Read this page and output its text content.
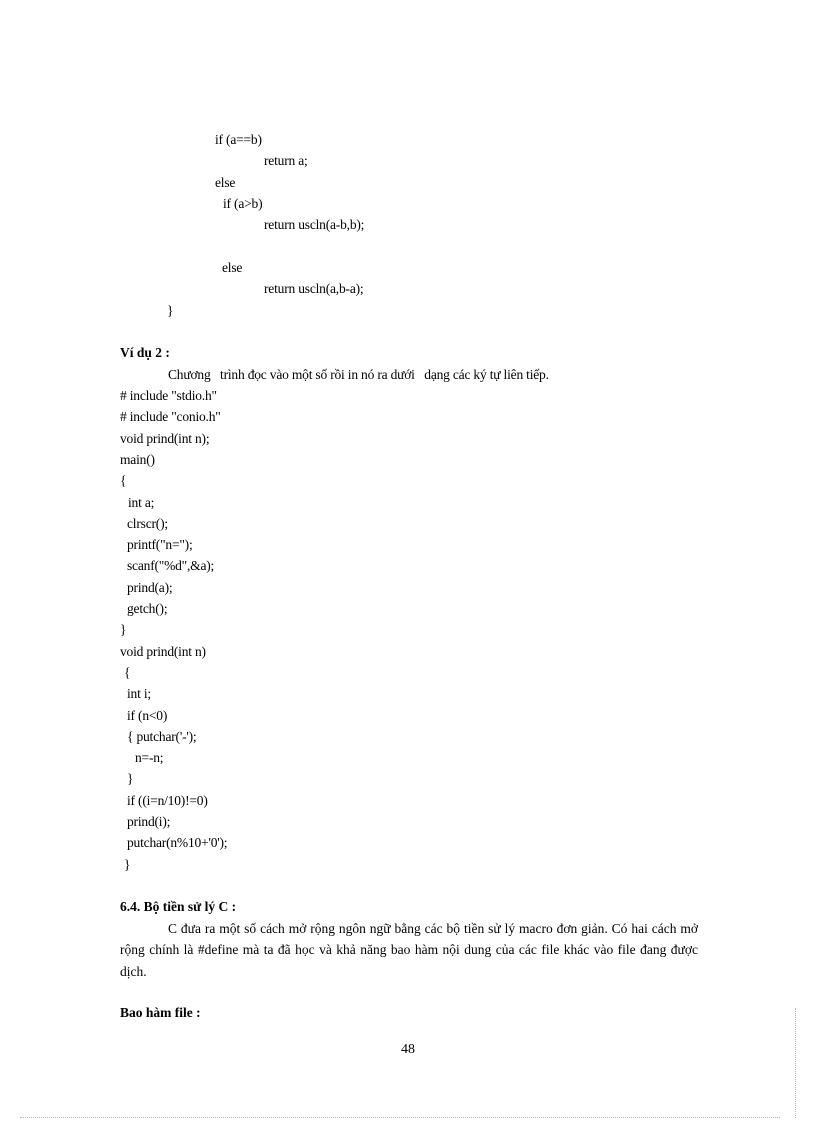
if (a==b)
return a;
else
if (a>b)
return uscln(a-b,b);
else
return uscln(a,b-a);
}
Ví dụ 2 :
Chương   trình đọc vào một số rồi in nó ra dưới   dạng các ký tự liên tiếp.
# include "stdio.h"
# include "conio.h"
void prind(int n);
main()
{
int a;
clrscr();
printf("n=");
scanf("%d",&a);
prind(a);
getch();
}
void prind(int n)
{
int i;
if (n<0)
{ putchar('-');
n=-n;
}
if ((i=n/10)!=0)
prind(i);
putchar(n%10+'0');
}
6.4. Bộ tiền sử lý C :
C đưa ra một số cách mở rộng ngôn ngữ bằng các bộ tiền sử lý macro đơn giản. Có hai cách mở rộng chính là #define mà ta đã học và khả năng bao hàm nội dung của các file khác vào file đang được dịch.
Bao hàm file :
48
